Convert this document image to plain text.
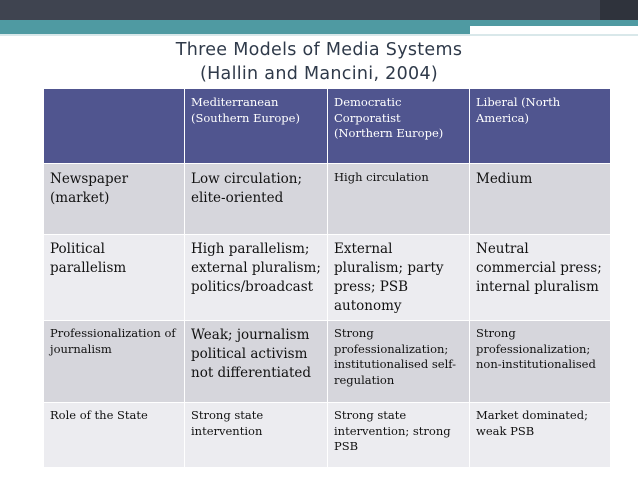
Three Models of Media Systems
(Hallin and Mancini, 2004)
	Mediterranean (Southern Europe)	Democratic Corporatist (Northern Europe)	Liberal (North America)
Newspaper (market)	Low circulation; elite-oriented	High circulation	Medium
Political parallelism	High parallelism; external pluralism; politics/broadcast	External pluralism; party press; PSB autonomy	Neutral commercial press; internal pluralism
Professionalization of journalism	Weak; journalism political activism not differentiated	Strong professionalization; institutionalised self-regulation	Strong professionalization; non-institutionalised
Role of the State	Strong state intervention	Strong state intervention; strong PSB	Market dominated; weak PSB
